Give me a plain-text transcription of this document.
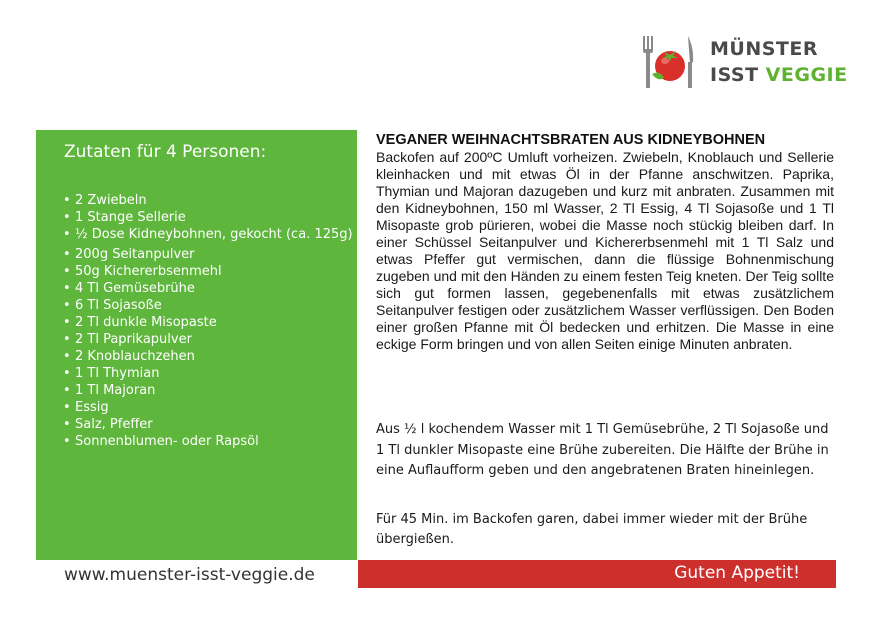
MÜNSTER
ISST VEGGIE
Zutaten für 4 Personen:
• 2 Zwiebeln
• 1 Stange Sellerie
• ½ Dose Kidneybohnen, gekocht (ca. 125g)
• 200g Seitanpulver
• 50g Kichererbsenmehl
• 4 Tl Gemüsebrühe
• 6 Tl Sojasoße
• 2 Tl dunkle Misopaste
• 2 Tl Paprikapulver
• 2 Knoblauchzehen
• 1 Tl Thymian
• 1 Tl Majoran
• Essig
• Salz, Pfeffer
• Sonnenblumen- oder Rapsöl

VEGANER WEIHNACHTSBRATEN AUS KIDNEYBOHNEN

Backofen auf 200ºC Umluft vorheizen. Zwiebeln, Knoblauch und Sellerie kleinhacken und mit etwas Öl in der Pfanne anschwitzen. Paprika, Thymian und Majoran dazugeben und kurz mit anbraten. Zusammen mit den Kidneybohnen, 150 ml Wasser, 2 Tl Essig, 4 Tl Sojasoße und 1 Tl Misopaste grob pürieren, wobei die Masse noch stückig bleiben darf. In einer Schüssel Seitanpulver und Kichererbsenmehl mit 1 Tl Salz und etwas Pfeffer gut vermischen, dann die flüssige Bohnenmischung zugeben und mit den Händen zu einem festen Teig kneten. Der Teig sollte sich gut formen lassen, gegebenenfalls mit etwas zusätzlichem Seitanpulver festigen oder zusätzlichem Wasser verflüssigen. Den Boden einer großen Pfanne mit Öl bedecken und erhitzen. Die Masse in eine eckige Form bringen und von allen Seiten einige Minuten anbraten.

Aus ½ l kochendem Wasser mit 1 Tl Gemüsebrühe, 2 Tl Sojasoße und 1 Tl dunkler Misopaste eine Brühe zubereiten. Die Hälfte der Brühe in eine Auflaufform geben und den angebratenen Braten hineinlegen.

Für 45 Min. im Backofen garen, dabei immer wieder mit der Brühe übergießen.

www.muenster-isst-veggie.de	Guten Appetit!
